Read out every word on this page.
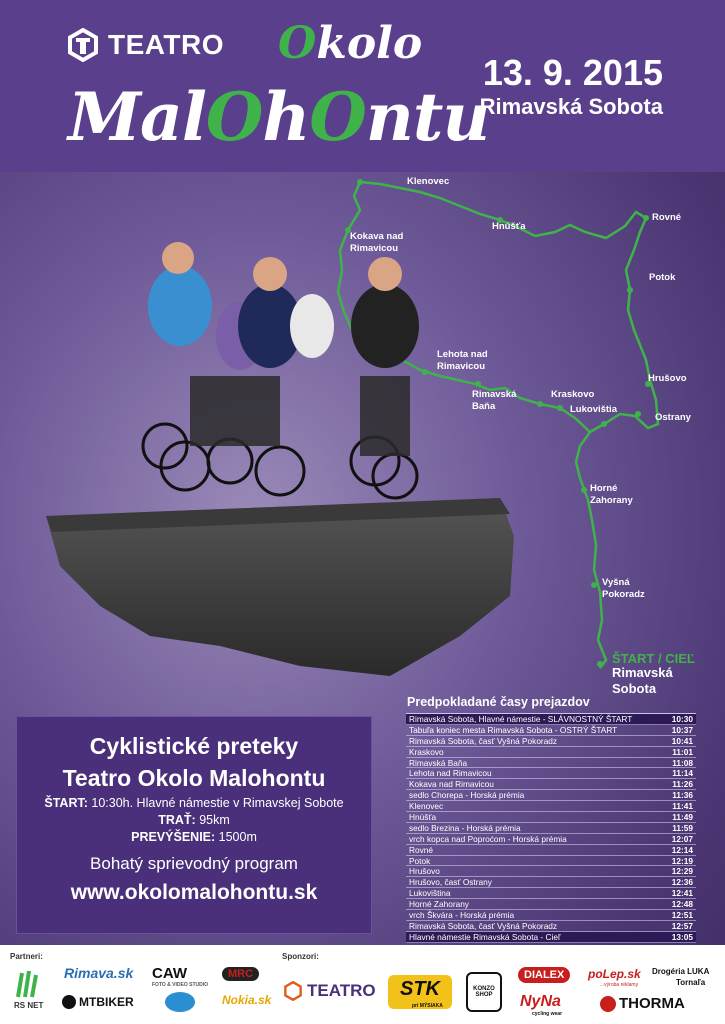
TEATRO Okolo
MalOhOntu
13. 9. 2015
Rimavská Sobota
Klenovec
Hnúšťa
Rovné
Kokava nad
Rimavicou
Potok
Lehota nad
Rimavicou
Rimavská
Baňa
Kraskovo
Lukovištia
Hrušovo
Ostrany
Horné
Zahorany
Vyšná
Pokoradz
ŠTART / CIEĽ
Rimavská
Sobota
Cyklistické preteky
Teatro Okolo Malohontu
ŠTART: 10:30h. Hlavné námestie v Rimavskej Sobote
TRAŤ: 95km
PREVÝŠENIE: 1500m
Bohatý sprievodný program
www.okolomalohontu.sk
Predpokladané časy prejazdov
Rimavská Sobota, Hlavné námestie - SLÁVNOSTNÝ ŠTART	10:30
Tabuľa koniec mesta Rimavská Sobota - OSTRÝ ŠTART	10:37
Rimavská Sobota, časť Vyšná Pokoradz	10:41
Kraskovo	11:01
Rimavská Baňa	11:08
Lehota nad Rimavicou	11:14
Kokava nad Rimavicou	11:26
sedlo Chorepa - Horská prémia	11:36
Klenovec	11:41
Hnúšťa	11:49
sedlo Brezina - Horská prémia	11:59
vrch kopca nad Poproćom - Horská prémia	12:07
Rovné	12:14
Potok	12:19
Hrušovo	12:29
Hrušovo, časť Ostrany	12:36
Lukoviština	12:41
Horné Zahorany	12:48
vrch Škvára - Horská prémia	12:51
Rimavská Sobota, časť Vyšná Pokoradz	12:57
Hlavné námestie Rimavská Sobota - Cieľ	13:05
Partneri:	Sponzori:
RS NET
Rimava.sk
MTBIKER
CAW
FOTO & VIDEO STUDIO
MRC
Nokia.sk TEATRO	STK
pri MÝSIAKA
KONZO SHOP
DIALEX
NyNa
cycling wear
poLep.sk
...výroba reklamy
Drogéria LUKA
Tornaľa
THORMA
